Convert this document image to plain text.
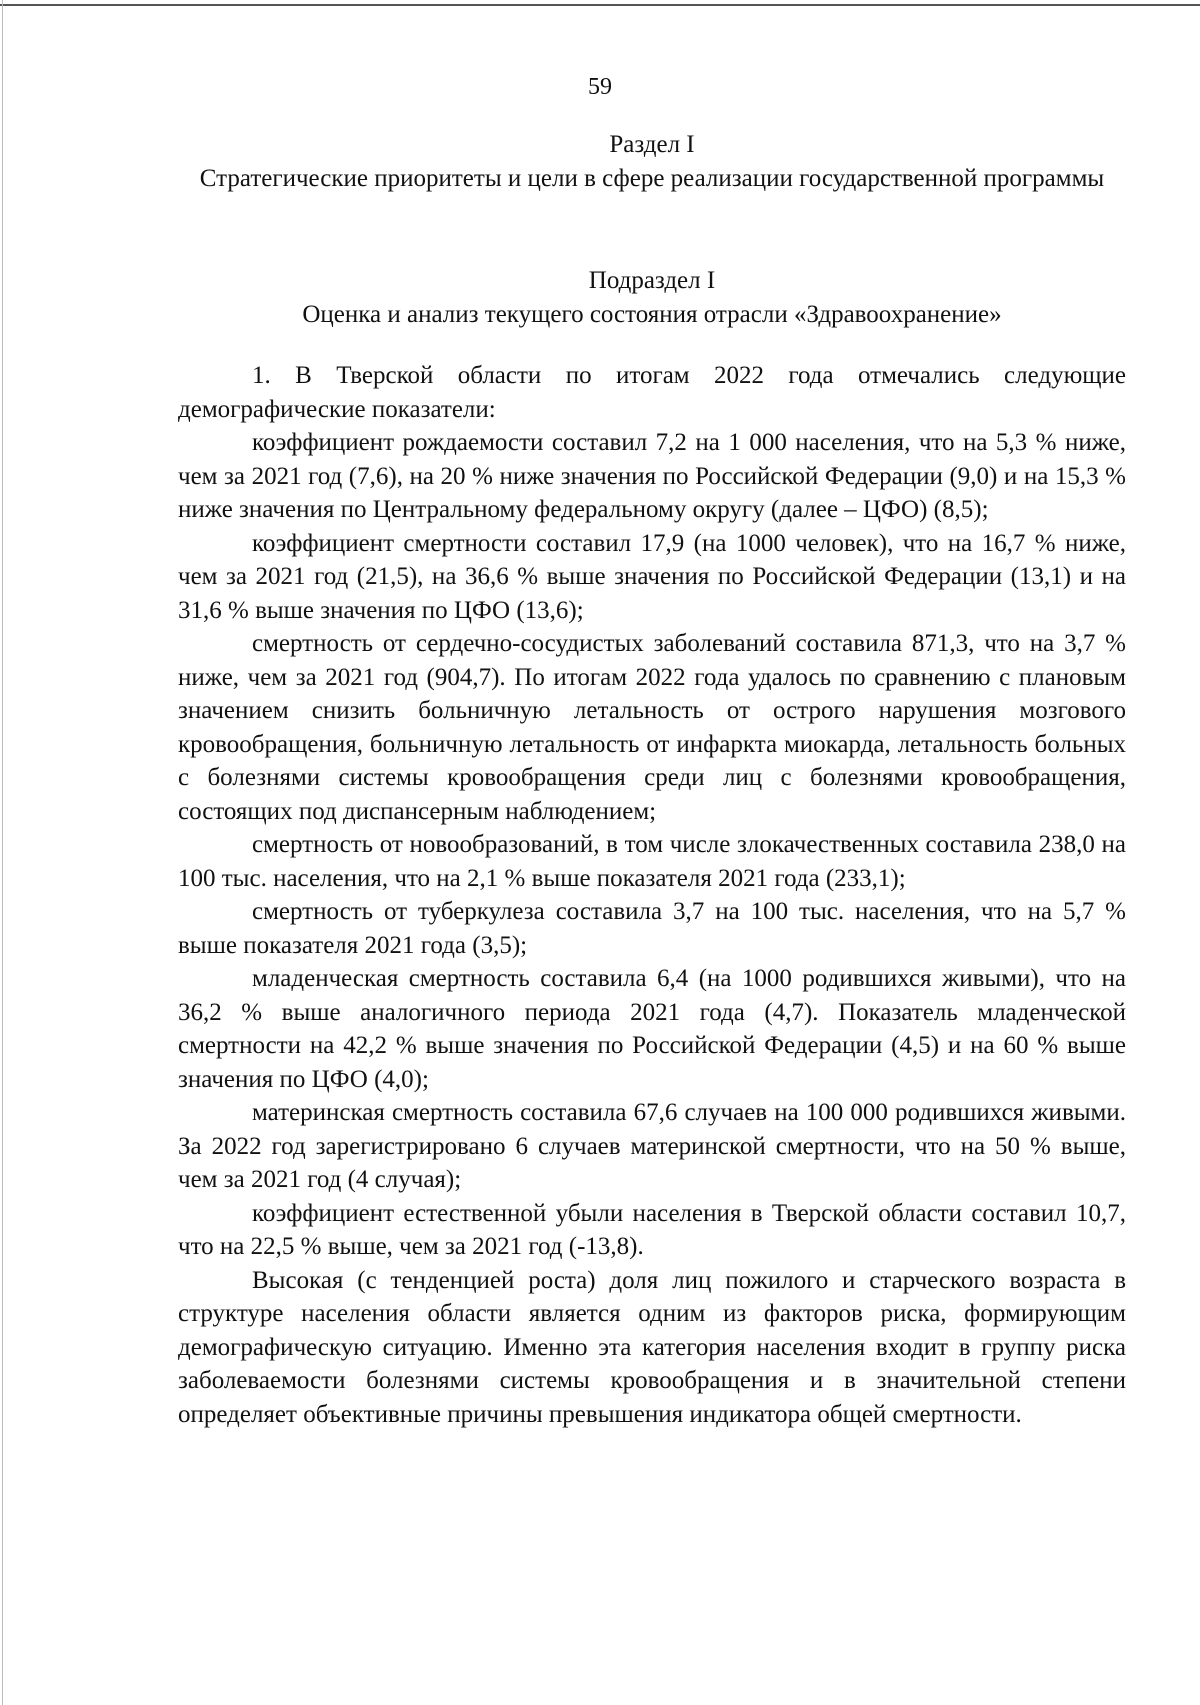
59
Раздел I
Стратегические приоритеты и цели в сфере реализации государственной программы
Подраздел I
Оценка и анализ текущего состояния отрасли «Здравоохранение»

1. В Тверской области по итогам 2022 года отмечались следующие демографические показатели:

коэффициент рождаемости составил 7,2 на 1 000 населения, что на 5,3 % ниже, чем за 2021 год (7,6), на 20 % ниже значения по Российской Федерации (9,0) и на 15,3 % ниже значения по Центральному федеральному округу (далее – ЦФО) (8,5);

коэффициент смертности составил 17,9 (на 1000 человек), что на 16,7 % ниже, чем за 2021 год (21,5), на 36,6 % выше значения по Российской Федерации (13,1) и на 31,6 % выше значения по ЦФО (13,6);

смертность от сердечно-сосудистых заболеваний составила 871,3, что на 3,7 % ниже, чем за 2021 год (904,7). По итогам 2022 года удалось по сравнению с плановым значением снизить больничную летальность от острого нарушения мозгового кровообращения, больничную летальность от инфаркта миокарда, летальность больных с болезнями системы кровообращения среди лиц с болезнями кровообращения, состоящих под диспансерным наблюдением;

смертность от новообразований, в том числе злокачественных составила 238,0 на 100 тыс. населения, что на 2,1 % выше показателя 2021 года (233,1);

смертность от туберкулеза составила 3,7 на 100 тыс. населения, что на 5,7 % выше показателя 2021 года (3,5);

младенческая смертность составила 6,4 (на 1000 родившихся живыми), что на 36,2 % выше аналогичного периода 2021 года (4,7). Показатель младенческой смертности на 42,2 % выше значения по Российской Федерации (4,5) и на 60 % выше значения по ЦФО (4,0);

материнская смертность составила 67,6 случаев на 100 000 родившихся живыми. За 2022 год зарегистрировано 6 случаев материнской смертности, что на 50 % выше, чем за 2021 год (4 случая);

коэффициент естественной убыли населения в Тверской области составил 10,7, что на 22,5 % выше, чем за 2021 год (-13,8).

Высокая (с тенденцией роста) доля лиц пожилого и старческого возраста в структуре населения области является одним из факторов риска, формирующим демографическую ситуацию. Именно эта категория населения входит в группу риска заболеваемости болезнями системы кровообращения и в значительной степени определяет объективные причины превышения индикатора общей смертности.
